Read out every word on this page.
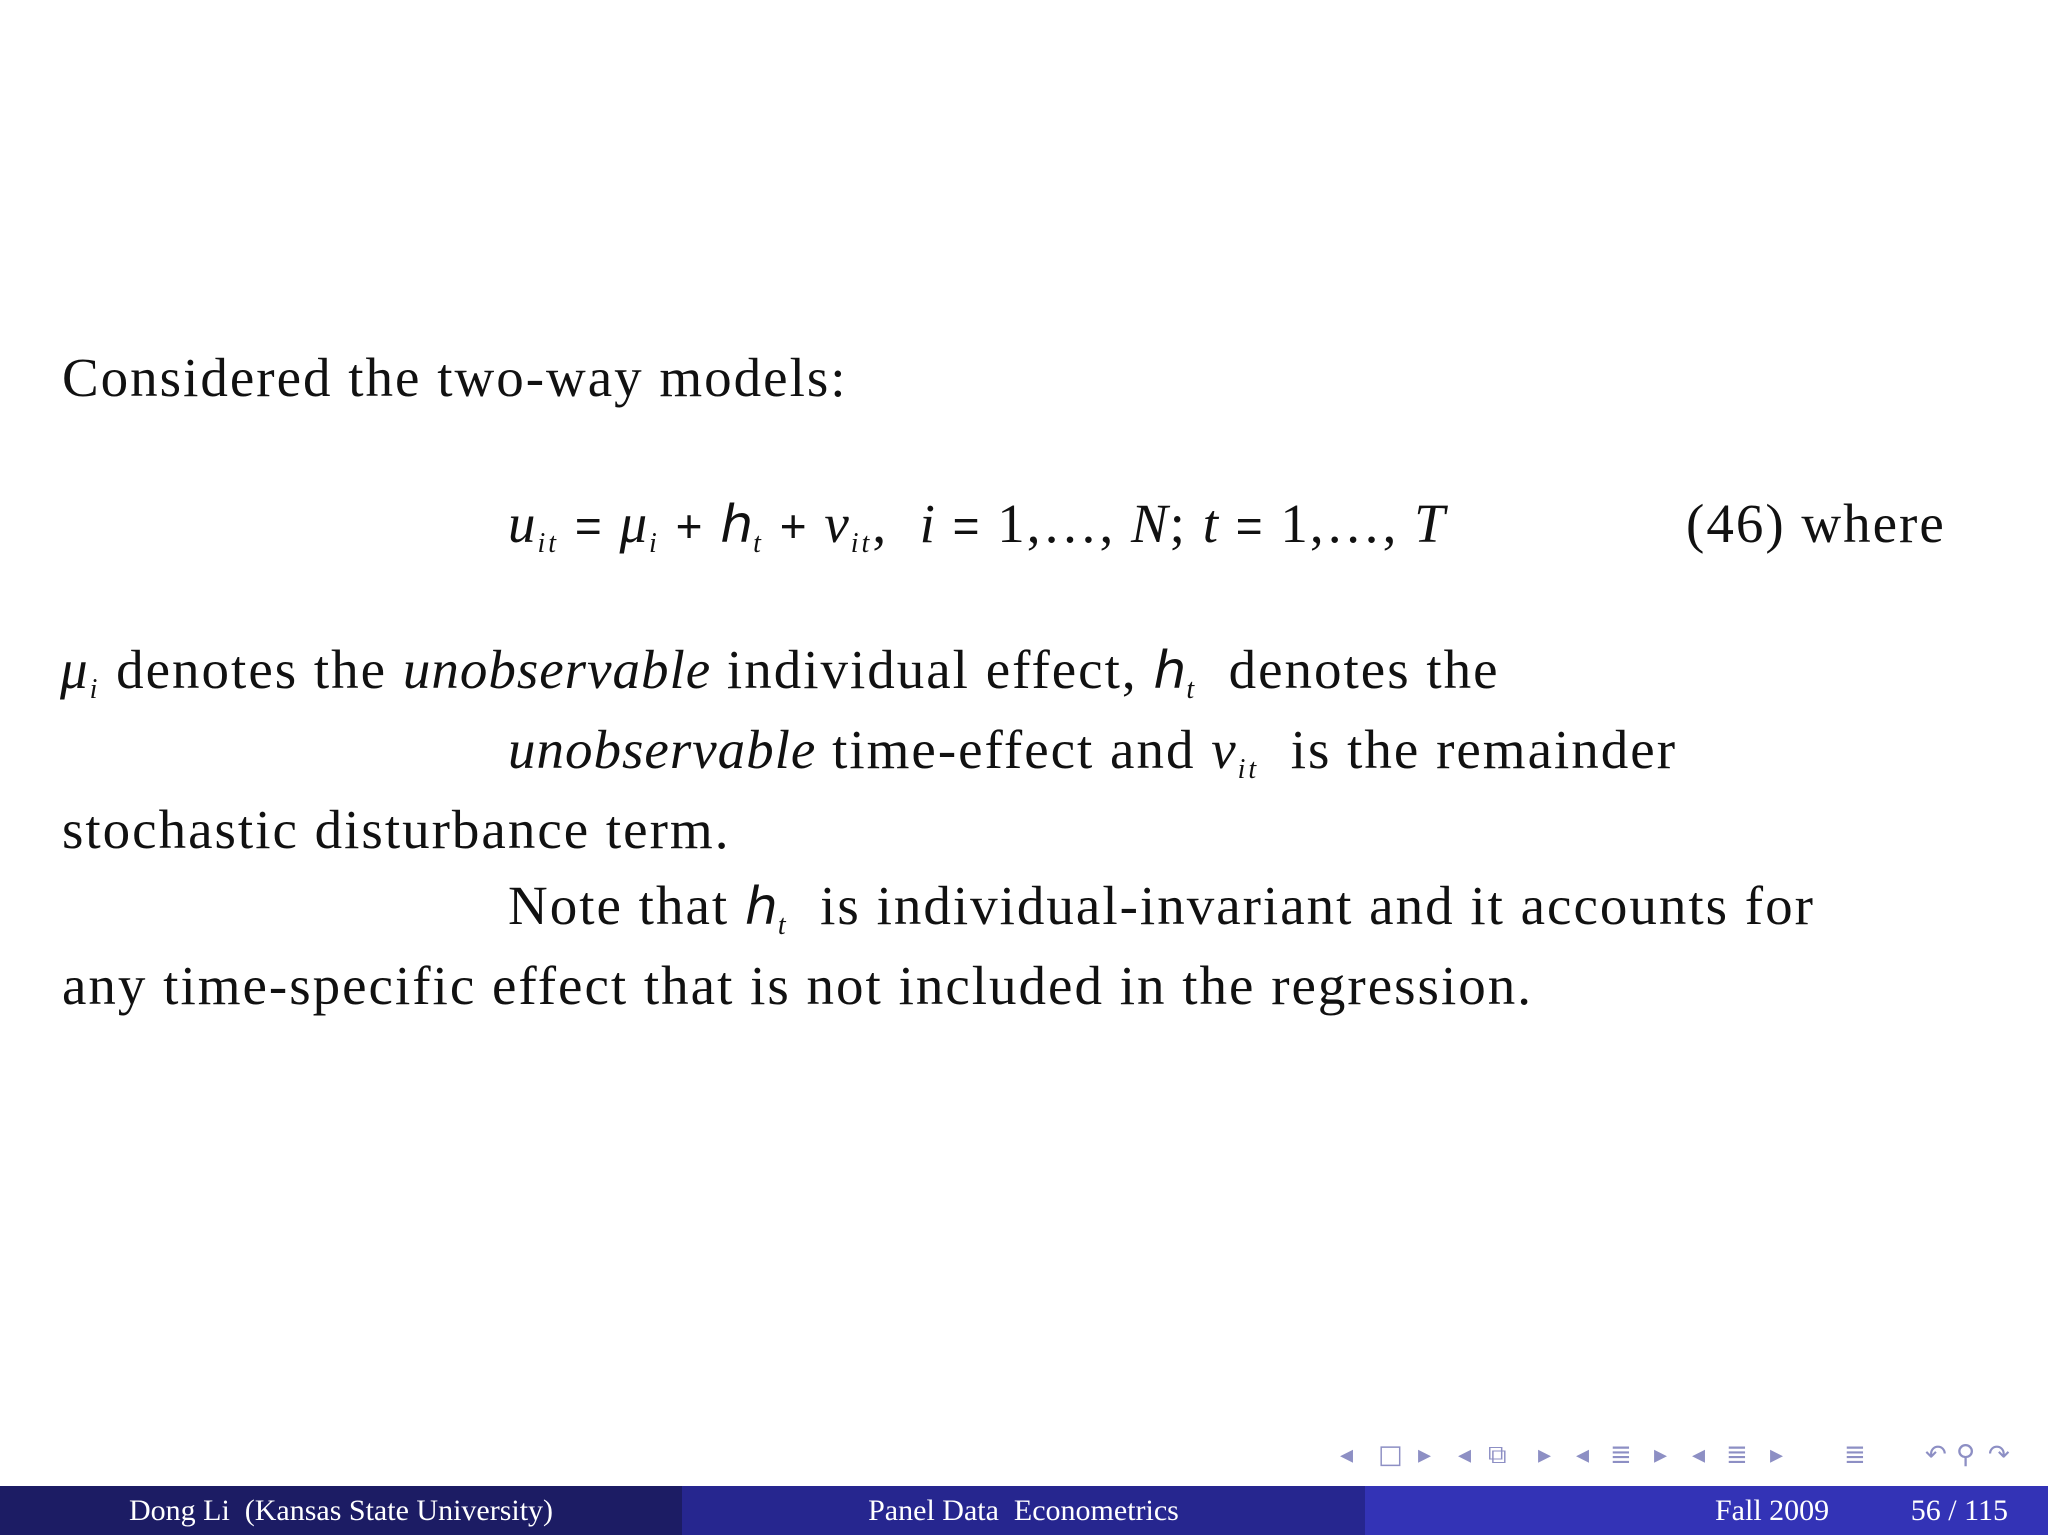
Considered the two-way models:
uit = μi + ht + vit, i = 1,…, N; t = 1,…, T	(46) where
μi denotes the unobservable individual effect, ht denotes the
unobservable time-effect and vit is the remainder
stochastic disturbance term.
Note that ht is individual-invariant and it accounts for
any time-specific effect that is not included in the regression.
◂ □ ▸ ◂ ⧉ ▸ ◂ ≣ ▸ ◂ ≣ ▸ ≣ ↶ ⚲ ↷
Dong Li  (Kansas State University)	Panel Data  Econometrics	Fall 2009	56 / 115
